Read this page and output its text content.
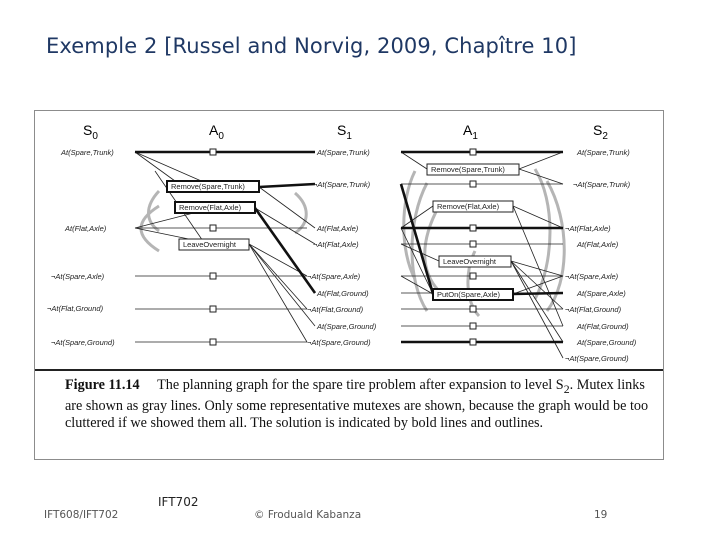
Exemple 2 [Russel and Norvig, 2009, Chapître 10]
$S_0$	$A_0$	$S_1$	$A_1$	$S_2$
At(Spare,Trunk)
At(Flat,Axle)
¬At(Spare,Axle)
¬At(Flat,Ground)
¬At(Spare,Ground)
Remove(Spare,Trunk)
Remove(Flat,Axle)
LeaveOvernight
At(Spare,Trunk)
¬At(Spare,Trunk)
At(Flat,Axle)
¬At(Flat,Axle)
¬At(Spare,Axle)
At(Flat,Ground)
¬At(Flat,Ground)
At(Spare,Ground)
¬At(Spare,Ground)
Remove(Spare,Trunk)
Remove(Flat,Axle)
LeaveOvernight
PutOn(Spare,Axle)
At(Spare,Trunk)
¬At(Spare,Trunk)
¬At(Flat,Axle)
At(Flat,Axle)
¬At(Spare,Axle)
At(Spare,Axle)
¬At(Flat,Ground)
At(Flat,Ground)
At(Spare,Ground)
¬At(Spare,Ground)
Figure 11.14 The planning graph for the spare tire problem after expansion to level $S_2$. Mutex links are shown as gray lines. Only some representative mutexes are shown, because the graph would be too cluttered if we showed them all. The solution is indicated by bold lines and outlines.
IFT608/IFT702
IFT702
© Froduald Kabanza	19
